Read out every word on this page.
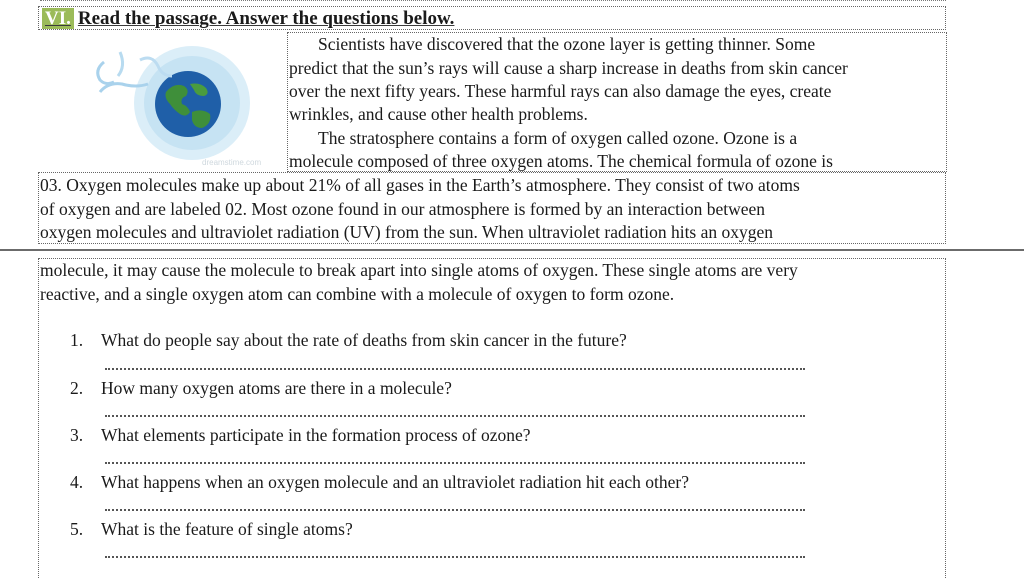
VI. Read the passage. Answer the questions below.
dreamstime.com
Scientists have discovered that the ozone layer is getting thinner. Some
predict that the sun’s rays will cause a sharp increase in deaths from skin cancer
over the next fifty years. These harmful rays can also damage the eyes, create
wrinkles, and cause other health problems.
The stratosphere contains a form of oxygen called ozone. Ozone is a
molecule composed of three oxygen atoms. The chemical formula of ozone is
03. Oxygen molecules make up about 21% of all gases in the Earth’s atmosphere. They consist of two atoms
of oxygen and are labeled 02. Most ozone found in our atmosphere is formed by an interaction between
oxygen molecules and ultraviolet radiation (UV) from the sun. When ultraviolet radiation hits an oxygen
molecule, it may cause the molecule to break apart into single atoms of oxygen. These single atoms are very
reactive, and a single oxygen atom can combine with a molecule of oxygen to form ozone.
1. What do people say about the rate of deaths from skin cancer in the future?
2. How many oxygen atoms are there in a molecule?
3. What elements participate in the formation process of ozone?
4. What happens when an oxygen molecule and an ultraviolet radiation hit each other?
5. What is the feature of single atoms?
